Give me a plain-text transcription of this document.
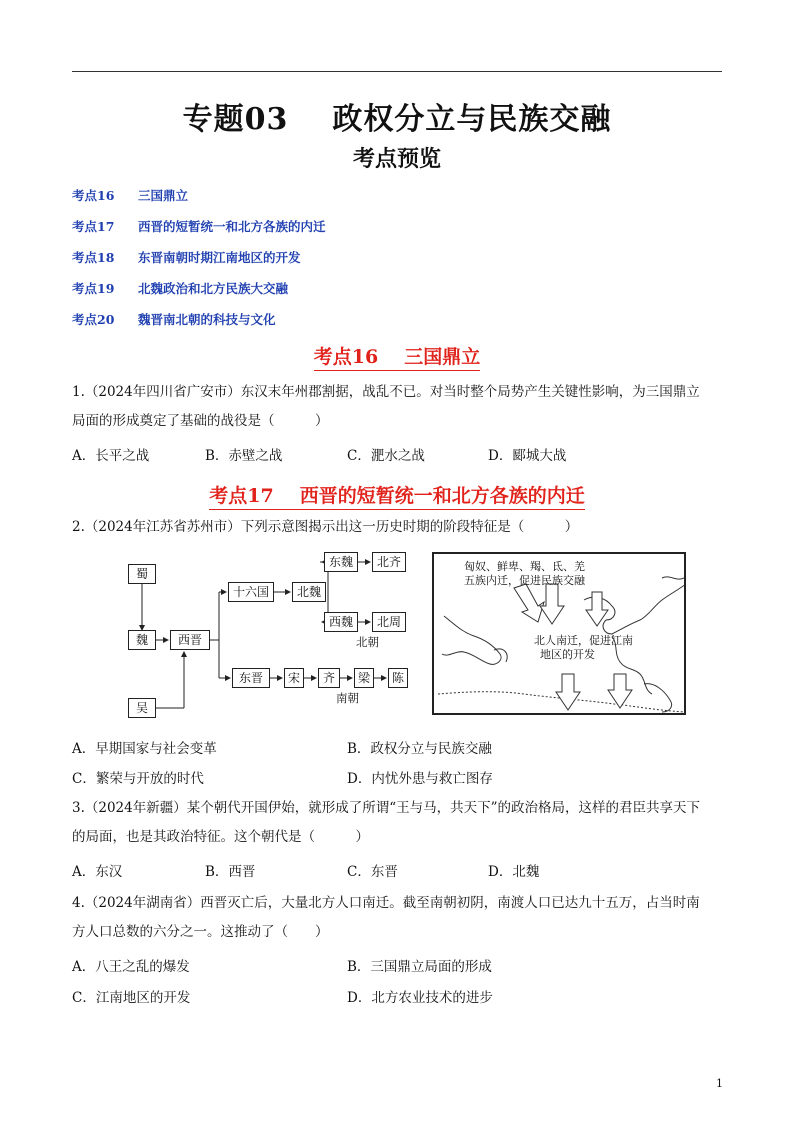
专题03 政权分立与民族交融
考点预览
考点16 三国鼎立
考点17 西晋的短暂统一和北方各族的内迁
考点18 东晋南朝时期江南地区的开发
考点19 北魏政治和北方民族大交融
考点20 魏晋南北朝的科技与文化
考点16 三国鼎立
1.（2024年四川省广安市）东汉末年州郡割据，战乱不已。对当时整个局势产生关键性影响，为三国鼎立
局面的形成奠定了基础的战役是（　　　）
A．长平之战	B．赤壁之战	C．淝水之战	D．郾城大战
考点17 西晋的短暂统一和北方各族的内迁
2.（2024年江苏省苏州市）下列示意图揭示出这一历史时期的阶段特征是（　　　）
蜀
魏
吴
西晋
十六国	北魏
东魏	北齐
西魏	北周
北朝
东晋	宋	齐	梁	陈
南朝
匈奴、鲜卑、羯、氐、羌
五族内迁，促进民族交融
北人南迁，促进江南
地区的开发
A．早期国家与社会变革	B．政权分立与民族交融
C．繁荣与开放的时代	D．内忧外患与救亡图存
3.（2024年新疆）某个朝代开国伊始，就形成了所谓“王与马，共天下”的政治格局，这样的君臣共享天下
的局面，也是其政治特征。这个朝代是（　　　）
A．东汉	B．西晋	C．东晋	D．北魏
4.（2024年湖南省）西晋灭亡后，大量北方人口南迁。截至南朝初阴，南渡人口已达九十五万，占当时南
方人口总数的六分之一。这推动了（　　）
A．八王之乱的爆发	B．三国鼎立局面的形成
C．江南地区的开发	D．北方农业技术的进步
1
